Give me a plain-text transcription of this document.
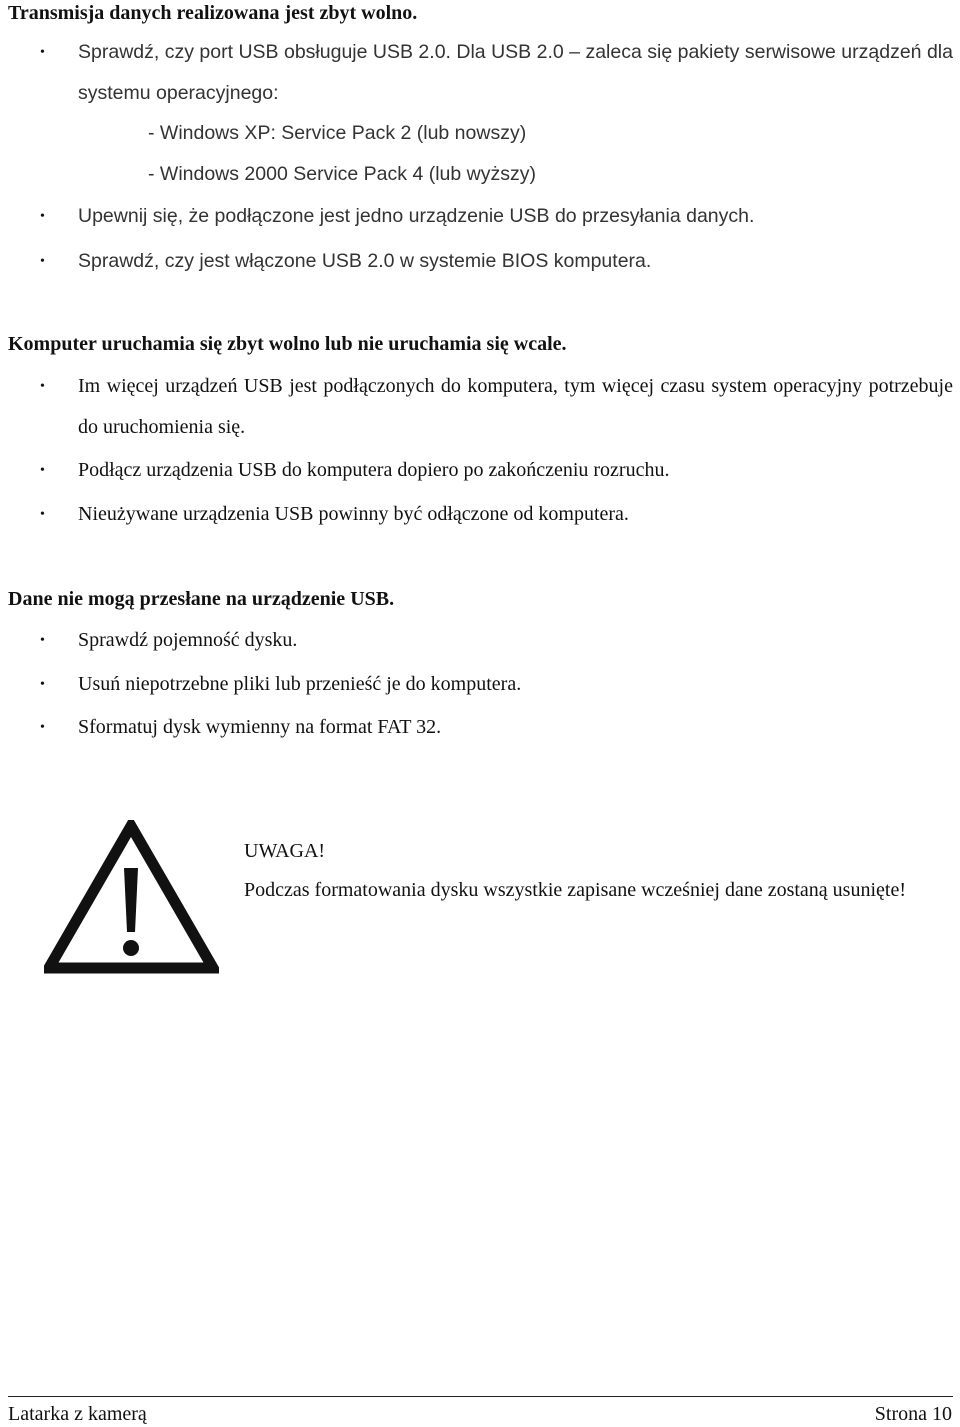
Transmisja danych realizowana jest zbyt wolno.
• Sprawdź, czy port USB obsługuje USB 2.0. Dla USB 2.0 – zaleca się pakiety serwisowe urządzeń dla systemu operacyjnego:
- Windows XP: Service Pack 2 (lub nowszy)
- Windows 2000 Service Pack 4 (lub wyższy)
• Upewnij się, że podłączone jest jedno urządzenie USB do przesyłania danych.
• Sprawdź, czy jest włączone USB 2.0 w systemie BIOS komputera.
Komputer uruchamia się zbyt wolno lub nie uruchamia się wcale.
• Im więcej urządzeń USB jest podłączonych do komputera, tym więcej czasu system operacyjny potrzebuje do uruchomienia się.
• Podłącz urządzenia USB do komputera dopiero po zakończeniu rozruchu.
• Nieużywane urządzenia USB powinny być odłączone od komputera.
Dane nie mogą przesłane na urządzenie USB.
• Sprawdź pojemność dysku.
• Usuń niepotrzebne pliki lub przenieść je do komputera.
• Sformatuj dysk wymienny na format FAT 32.
UWAGA!
Podczas formatowania dysku wszystkie zapisane wcześniej dane zostaną usunięte!
Latarka z kamerą	Strona 10
